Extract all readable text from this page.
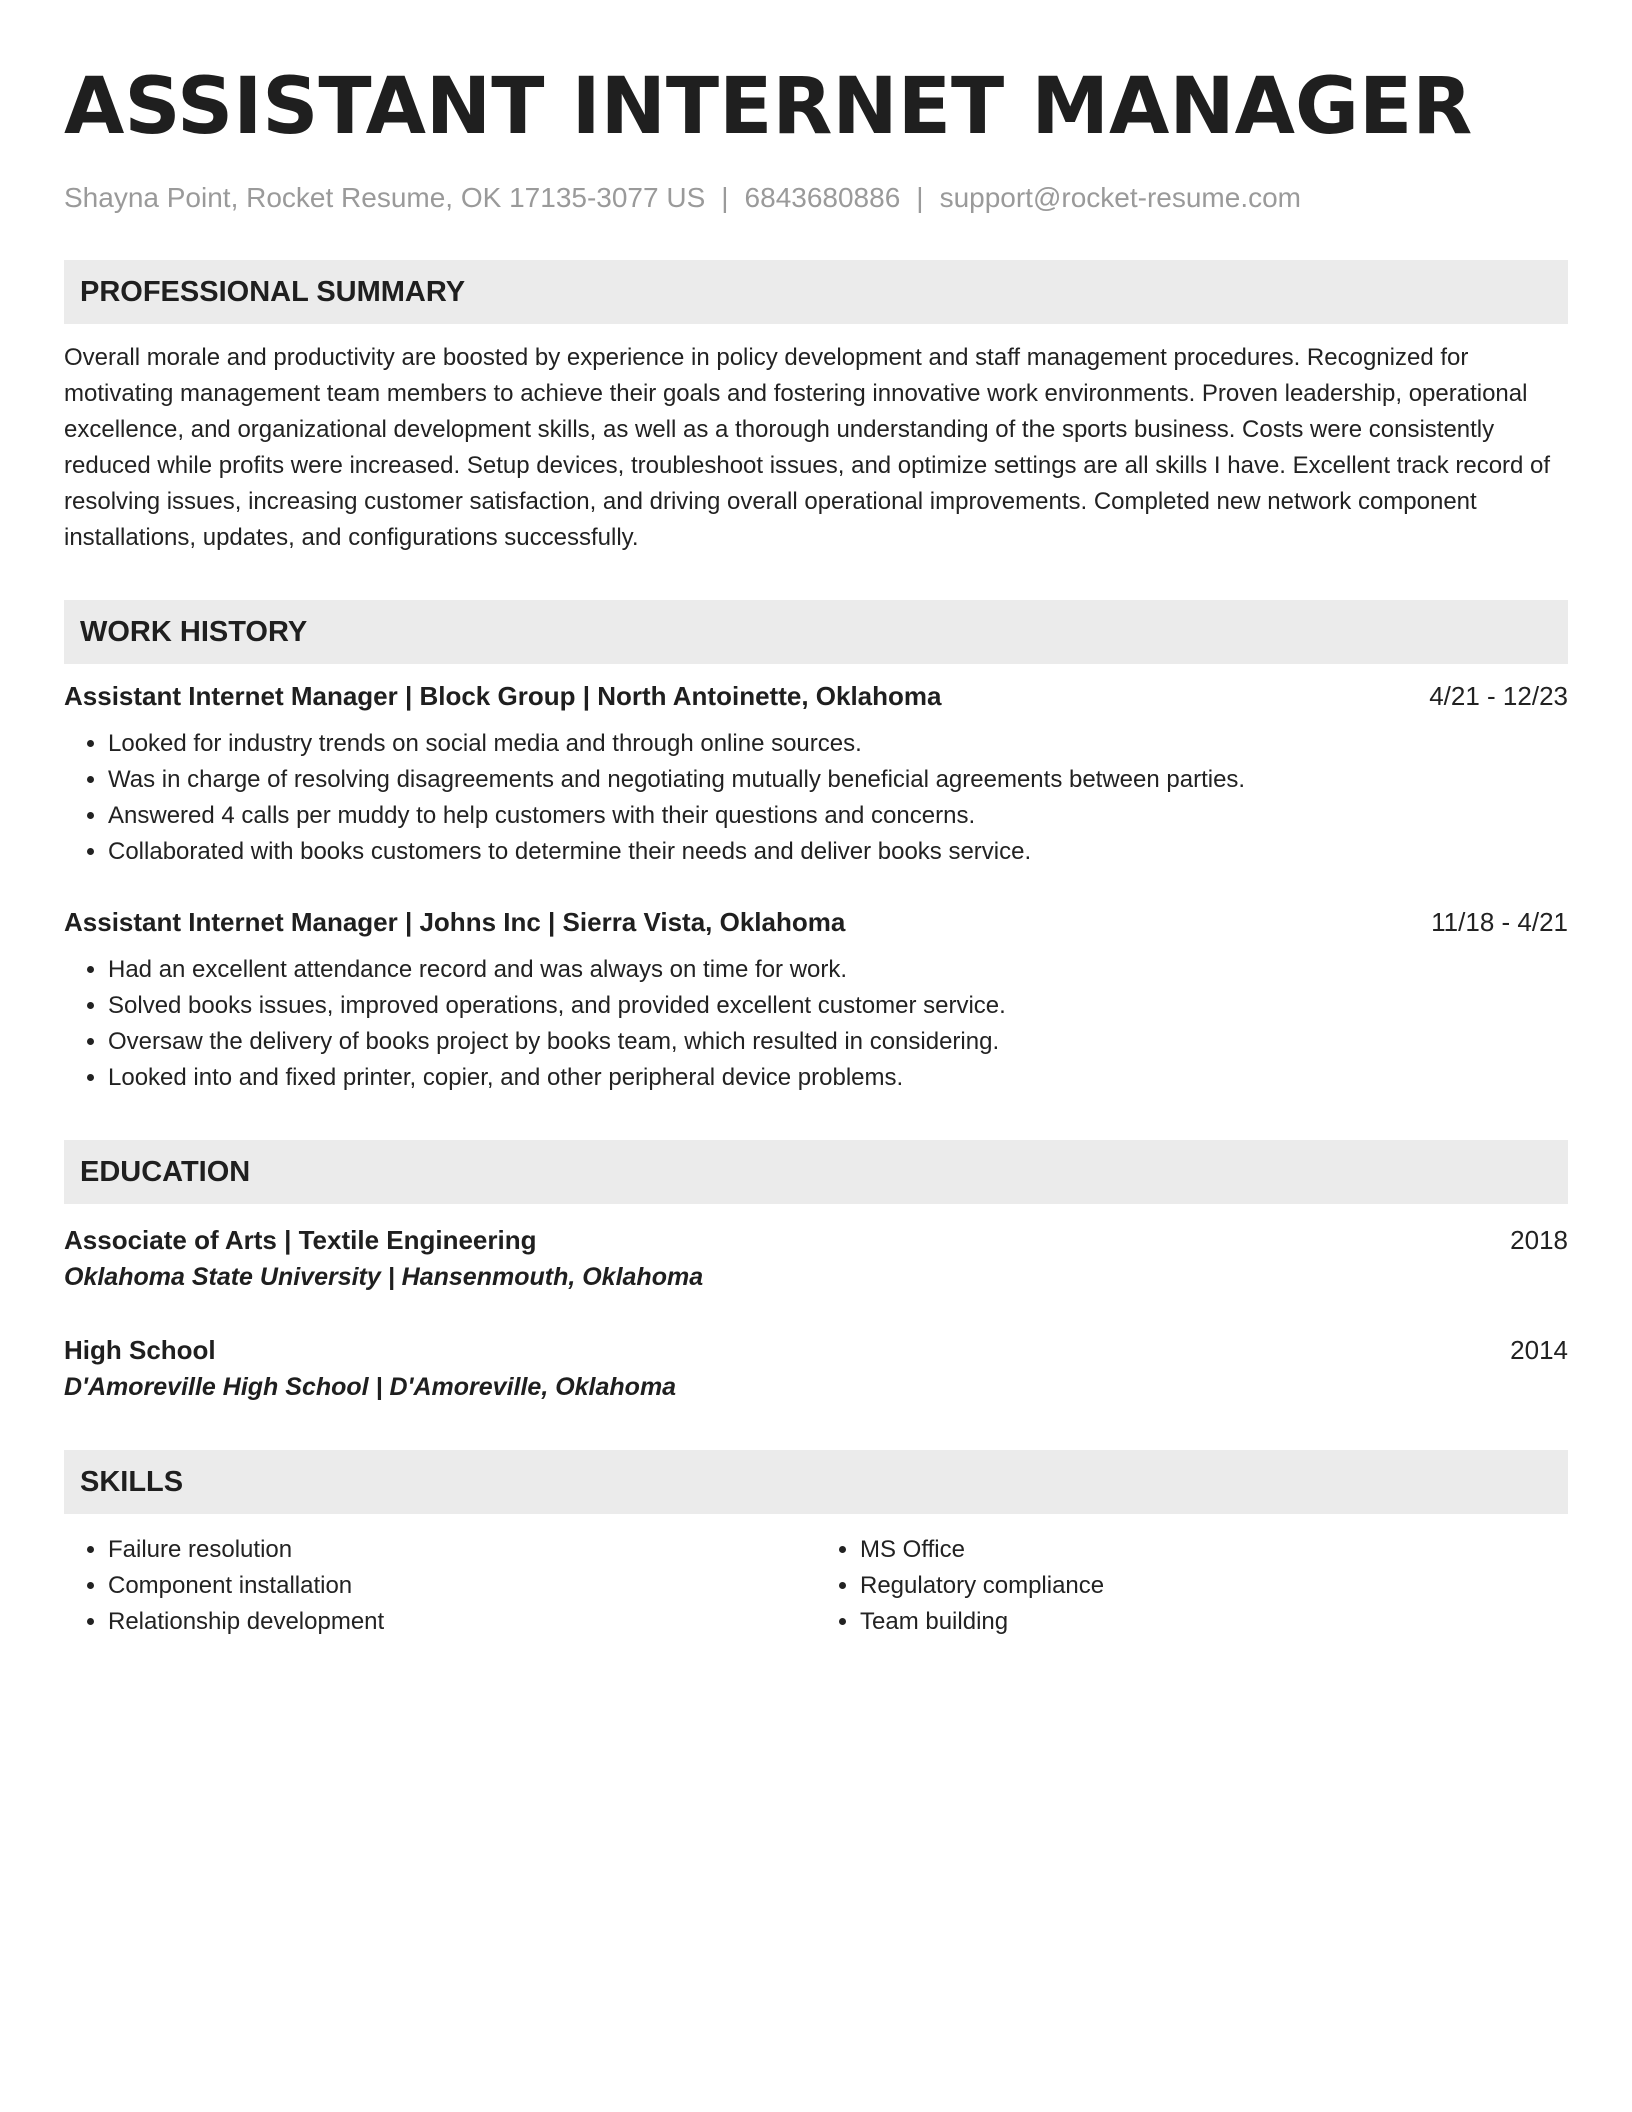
ASSISTANT INTERNET MANAGER
Shayna Point, Rocket Resume, OK 17135-3077 US | 6843680886 | support@rocket-resume.com
PROFESSIONAL SUMMARY
Overall morale and productivity are boosted by experience in policy development and staff management procedures. Recognized for motivating management team members to achieve their goals and fostering innovative work environments. Proven leadership, operational excellence, and organizational development skills, as well as a thorough understanding of the sports business. Costs were consistently reduced while profits were increased. Setup devices, troubleshoot issues, and optimize settings are all skills I have. Excellent track record of resolving issues, increasing customer satisfaction, and driving overall operational improvements. Completed new network component installations, updates, and configurations successfully.
WORK HISTORY
Assistant Internet Manager | Block Group | North Antoinette, Oklahoma	4/21 - 12/23
• Looked for industry trends on social media and through online sources.
• Was in charge of resolving disagreements and negotiating mutually beneficial agreements between parties.
• Answered 4 calls per muddy to help customers with their questions and concerns.
• Collaborated with books customers to determine their needs and deliver books service.
Assistant Internet Manager | Johns Inc | Sierra Vista, Oklahoma	11/18 - 4/21
• Had an excellent attendance record and was always on time for work.
• Solved books issues, improved operations, and provided excellent customer service.
• Oversaw the delivery of books project by books team, which resulted in considering.
• Looked into and fixed printer, copier, and other peripheral device problems.
EDUCATION
Associate of Arts | Textile Engineering	2018
Oklahoma State University | Hansenmouth, Oklahoma
High School	2014
D'Amoreville High School | D'Amoreville, Oklahoma
SKILLS
• Failure resolution
• Component installation
• Relationship development
• MS Office
• Regulatory compliance
• Team building
